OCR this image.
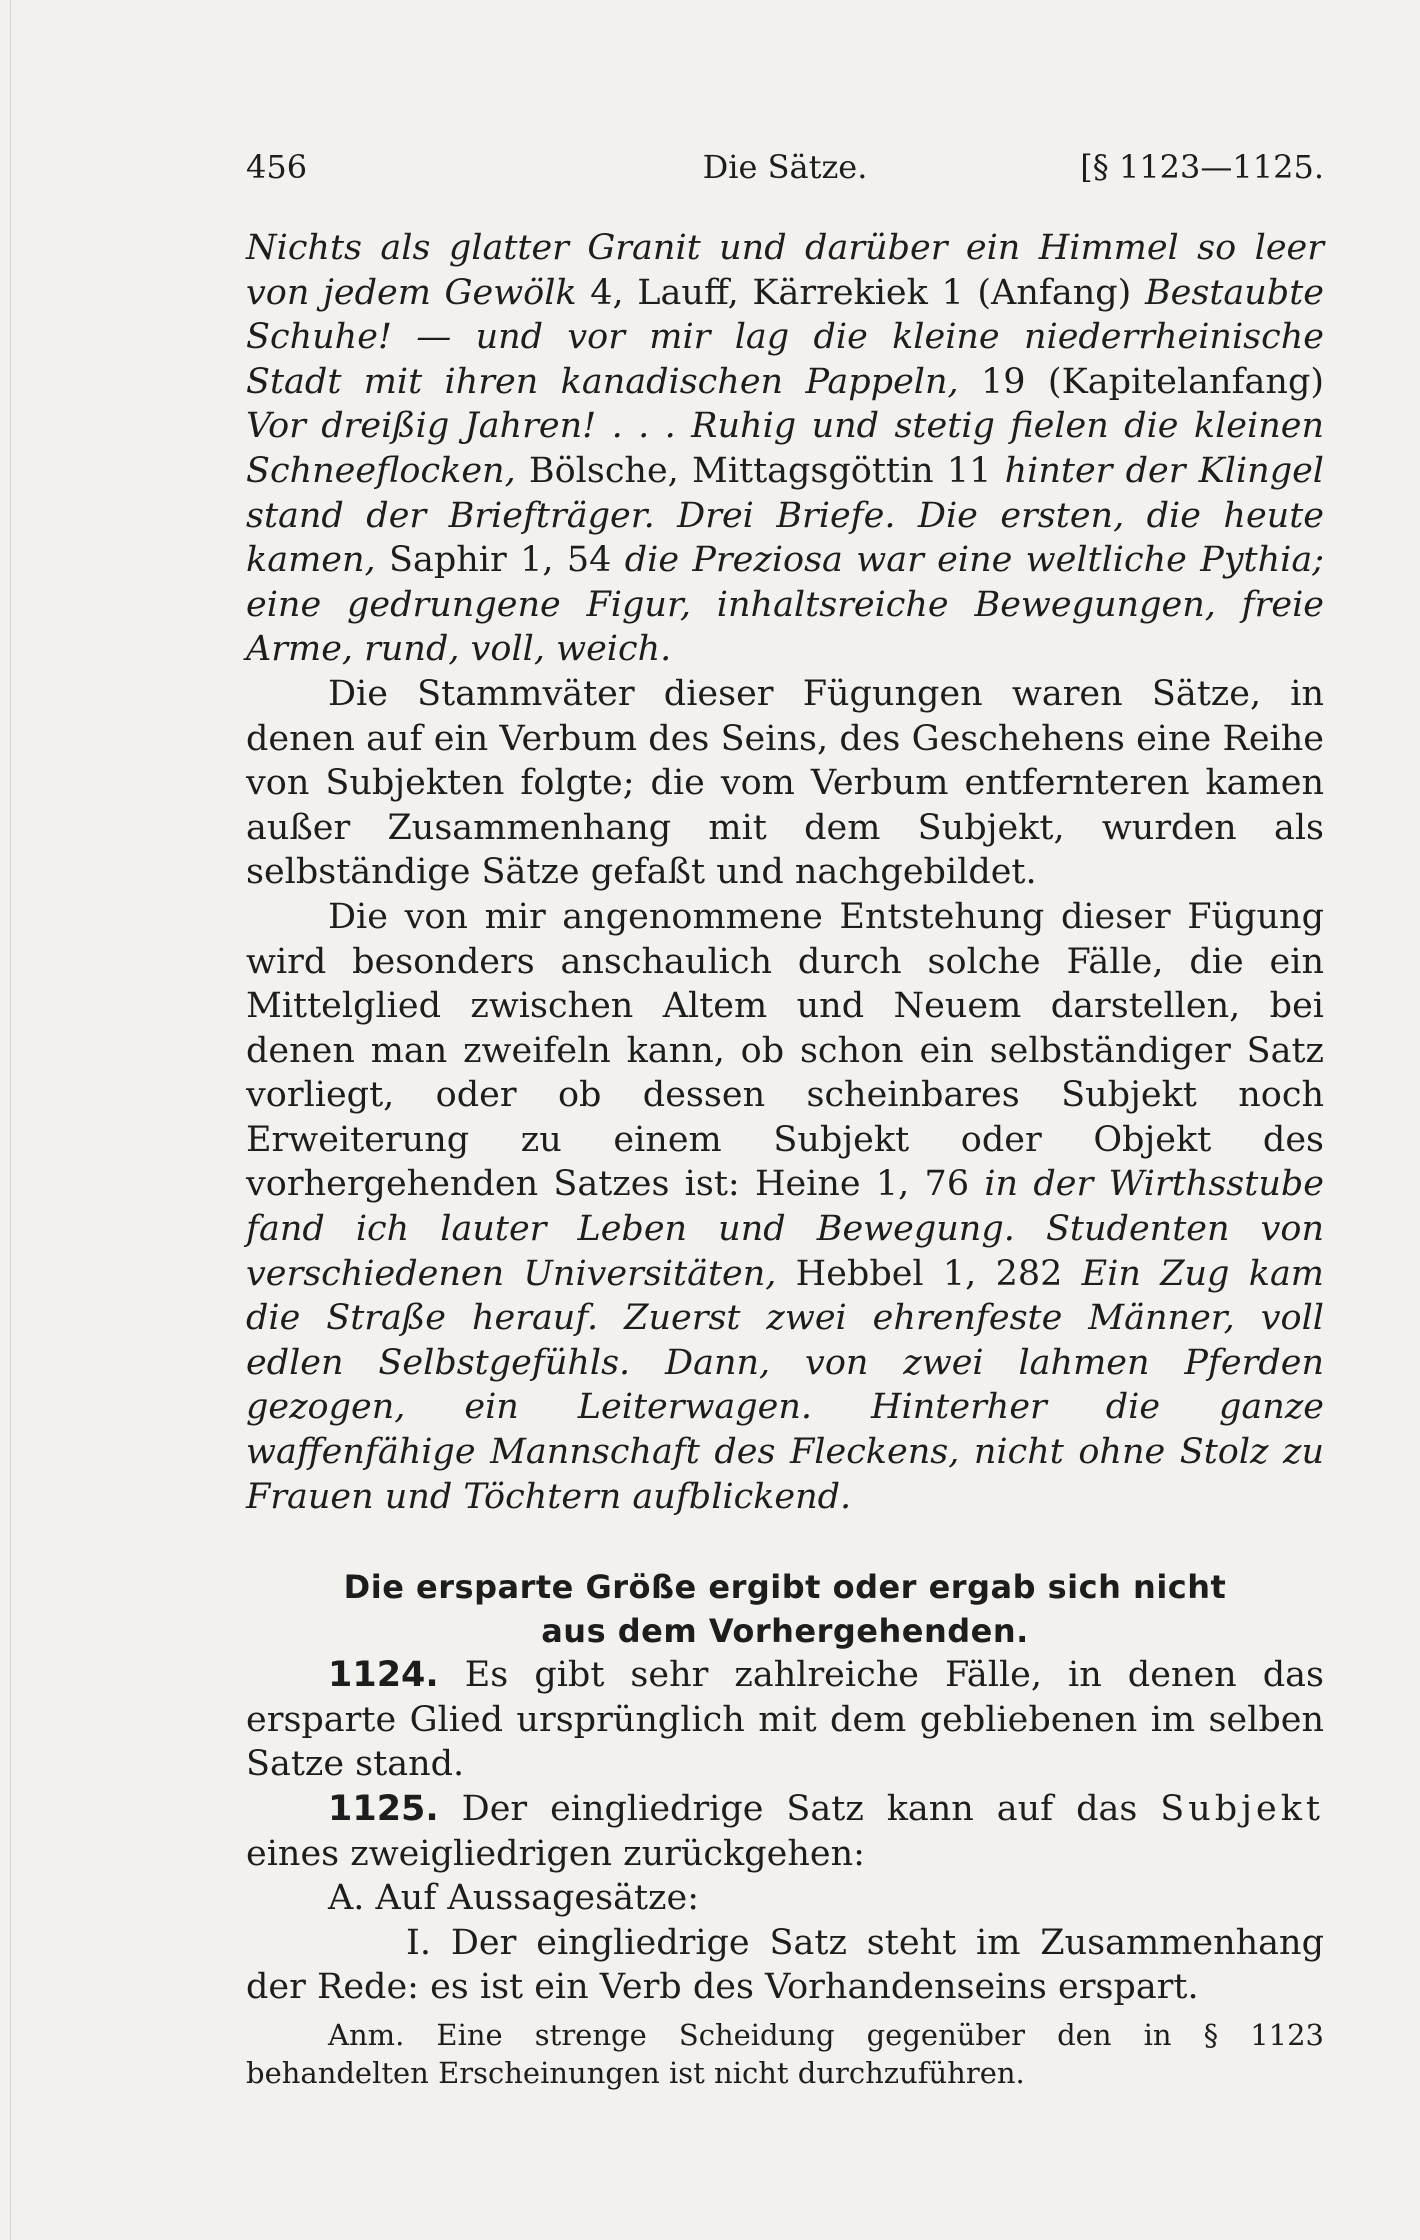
456	Die Sätze.	[§ 1123—1125.

Nichts als glatter Granit und darüber ein Himmel so leer von jedem Gewölk 4, Lauff, Kärrekiek 1 (Anfang) Bestaubte Schuhe! — und vor mir lag die kleine niederrheinische Stadt mit ihren kanadischen Pappeln, 19 (Kapitelanfang) Vor dreißig Jahren! . . . Ruhig und stetig fielen die kleinen Schneeflocken, Bölsche, Mittagsgöttin 11 hinter der Klingel stand der Briefträger. Drei Briefe. Die ersten, die heute kamen, Saphir 1, 54 die Preziosa war eine weltliche Pythia; eine gedrungene Figur, inhaltsreiche Bewegungen, freie Arme, rund, voll, weich.

Die Stammväter dieser Fügungen waren Sätze, in denen auf ein Verbum des Seins, des Geschehens eine Reihe von Subjekten folgte; die vom Verbum entfernteren kamen außer Zusammenhang mit dem Subjekt, wurden als selbständige Sätze gefaßt und nachgebildet.

Die von mir angenommene Entstehung dieser Fügung wird besonders anschaulich durch solche Fälle, die ein Mittelglied zwischen Altem und Neuem darstellen, bei denen man zweifeln kann, ob schon ein selbständiger Satz vorliegt, oder ob dessen scheinbares Subjekt noch Erweiterung zu einem Subjekt oder Objekt des vorhergehenden Satzes ist: Heine 1, 76 in der Wirthsstube fand ich lauter Leben und Bewegung. Studenten von verschiedenen Universitäten, Hebbel 1, 282 Ein Zug kam die Straße herauf. Zuerst zwei ehrenfeste Männer, voll edlen Selbstgefühls. Dann, von zwei lahmen Pferden gezogen, ein Leiterwagen. Hinterher die ganze waffenfähige Mannschaft des Fleckens, nicht ohne Stolz zu Frauen und Töchtern aufblickend.

Die ersparte Größe ergibt oder ergab sich nicht aus dem Vorhergehenden.

1124. Es gibt sehr zahlreiche Fälle, in denen das ersparte Glied ursprünglich mit dem gebliebenen im selben Satze stand.

1125. Der eingliedrige Satz kann auf das Subjekt eines zweigliedrigen zurückgehen:

A. Auf Aussagesätze:

I. Der eingliedrige Satz steht im Zusammenhang der Rede: es ist ein Verb des Vorhandenseins erspart.

Anm. Eine strenge Scheidung gegenüber den in § 1123 behandelten Erscheinungen ist nicht durchzuführen.
